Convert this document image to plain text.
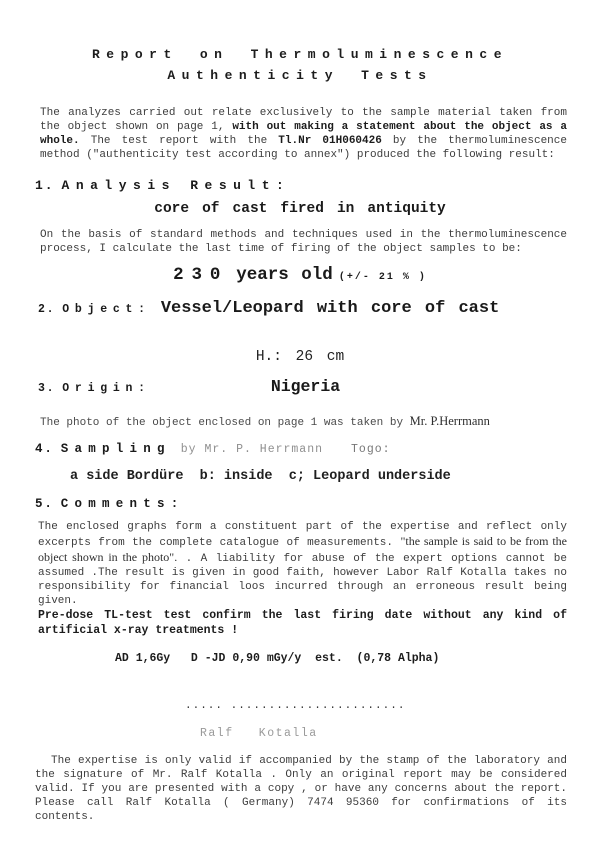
Report on Thermoluminescence
Authenticity Tests

The analyzes carried out relate exclusively to the sample material taken from the object shown on page 1, with out making a statement about the object as a whole. The test report with the Tl.Nr 01H060426 by the thermoluminescence method ("authenticity test according to annex") produced the following result:

1. Analysis Result:
core of cast fired in antiquity

On the basis of standard methods and techniques used in the thermoluminescence process, I calculate the last time of firing of the object samples to be:

230 years old (+/- 21 % )
2. Object: Vessel/Leopard with core of cast
H.: 26 cm
3. Origin:	Nigeria

The photo of the object enclosed on page 1 was taken by Mr. P.Herrmann

4. Sampling by Mr. P. Herrmann Togo:
a side Bordüre  b: inside  c; Leopard underside
5. Comments:

The enclosed graphs form a constituent part of the expertise and reflect only excerpts from the complete catalogue of measurements. "the sample is said to be from the object shown in the photo". . A liability for abuse of the expert options cannot be assumed .The result is given in good faith, however Labor Ralf Kotalla takes no responsibility for financial loos incurred through an erroneous result being given.

Pre-dose TL-test test confirm the last firing date without any kind of artificial x-ray treatments !

AD 1,6Gy   D -JD 0,90 mGy/y  est.  (0,78 Alpha)
..... .......................
Ralf   Kotalla

The expertise is only valid if accompanied by the stamp of the laboratory and the signature of Mr. Ralf Kotalla . Only an original report may be considered valid. If you are presented with a copy , or have any concerns about the report. Please call Ralf Kotalla ( Germany) 7474 95360 for confirmations of its contents.
